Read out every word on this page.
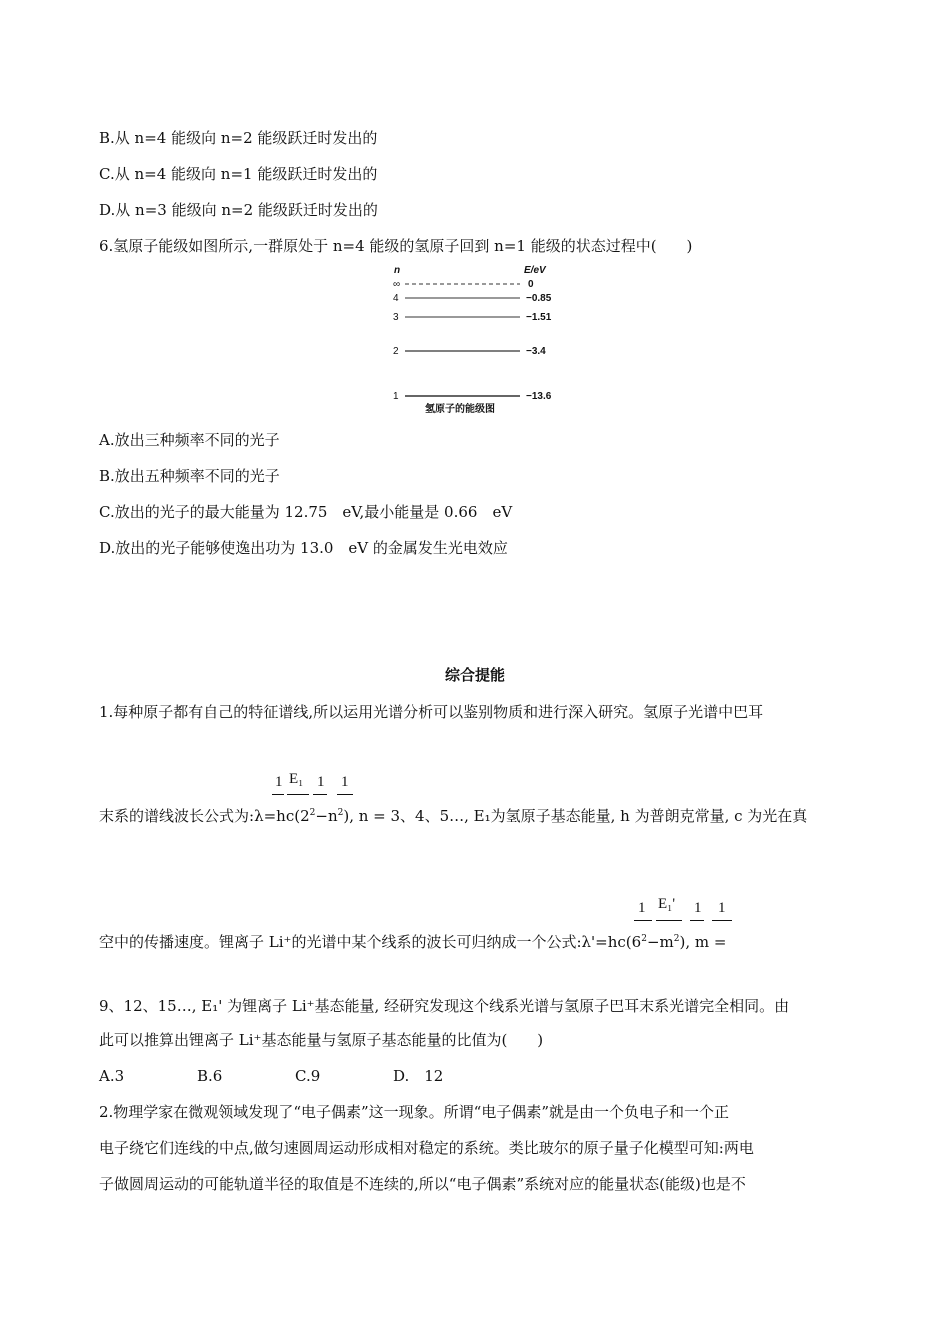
B.从 n=4 能级向 n=2 能级跃迁时发出的
C.从 n=4 能级向 n=1 能级跃迁时发出的
D.从 n=3 能级向 n=2 能级跃迁时发出的
6.氢原子能级如图所示,一群原处于 n=4 能级的氢原子回到 n=1 能级的状态过程中(　　)
n	E/eV
∞	0
4	−0.85
3	−1.51
2	−3.4
1	−13.6
氢原子的能级图
A.放出三种频率不同的光子
B.放出五种频率不同的光子
C.放出的光子的最大能量为 12.75　eV,最小能量是 0.66　eV
D.放出的光子能够使逸出功为 13.0　eV 的金属发生光电效应
综合提能
1.每种原子都有自己的特征谱线,所以运用光谱分析可以鉴别物质和进行深入研究。氢原子光谱中巴耳
1 E₁ 1 1
末系的谱线波长公式为$:\lambda=hc(2^2-n^2)$, n = 3、4、5…, E₁为氢原子基态能量, h 为普朗克常量, c 为光在真
1 E₁' 1 1
空中的传播速度。锂离子 Li⁺的光谱中某个线系的波长可归纳成一个公式$:\lambda'=hc(6^2-m^2)$, m =
9、12、15…, E₁' 为锂离子 Li⁺基态能量, 经研究发现这个线系光谱与氢原子巴耳末系光谱完全相同。由
此可以推算出锂离子 Li⁺基态能量与氢原子基态能量的比值为(　　)
A.3	B.6	C.9	D.　12
2.物理学家在微观领域发现了“电子偶素”这一现象。所谓“电子偶素”就是由一个负电子和一个正
电子绕它们连线的中点,做匀速圆周运动形成相对稳定的系统。类比玻尔的原子量子化模型可知:两电
子做圆周运动的可能轨道半径的取值是不连续的,所以“电子偶素”系统对应的能量状态(能级)也是不
